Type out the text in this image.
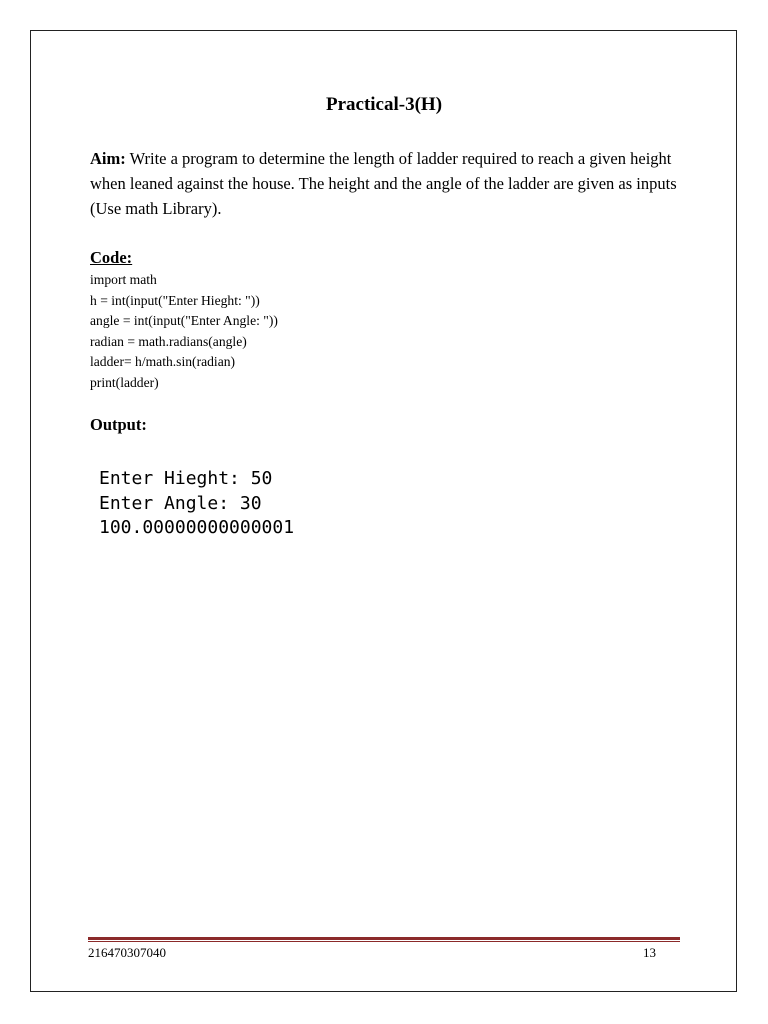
Practical-3(H)
Aim: Write a program to determine the length of ladder required to reach a given height when leaned against the house. The height and the angle of the ladder are given as inputs (Use math Library).
Code:
import math
h = int(input("Enter Hieght: "))
angle = int(input("Enter Angle: "))
radian = math.radians(angle)
ladder= h/math.sin(radian)
print(ladder)
Output:
Enter Hieght: 50
Enter Angle: 30
100.00000000000001
216470307040	13
